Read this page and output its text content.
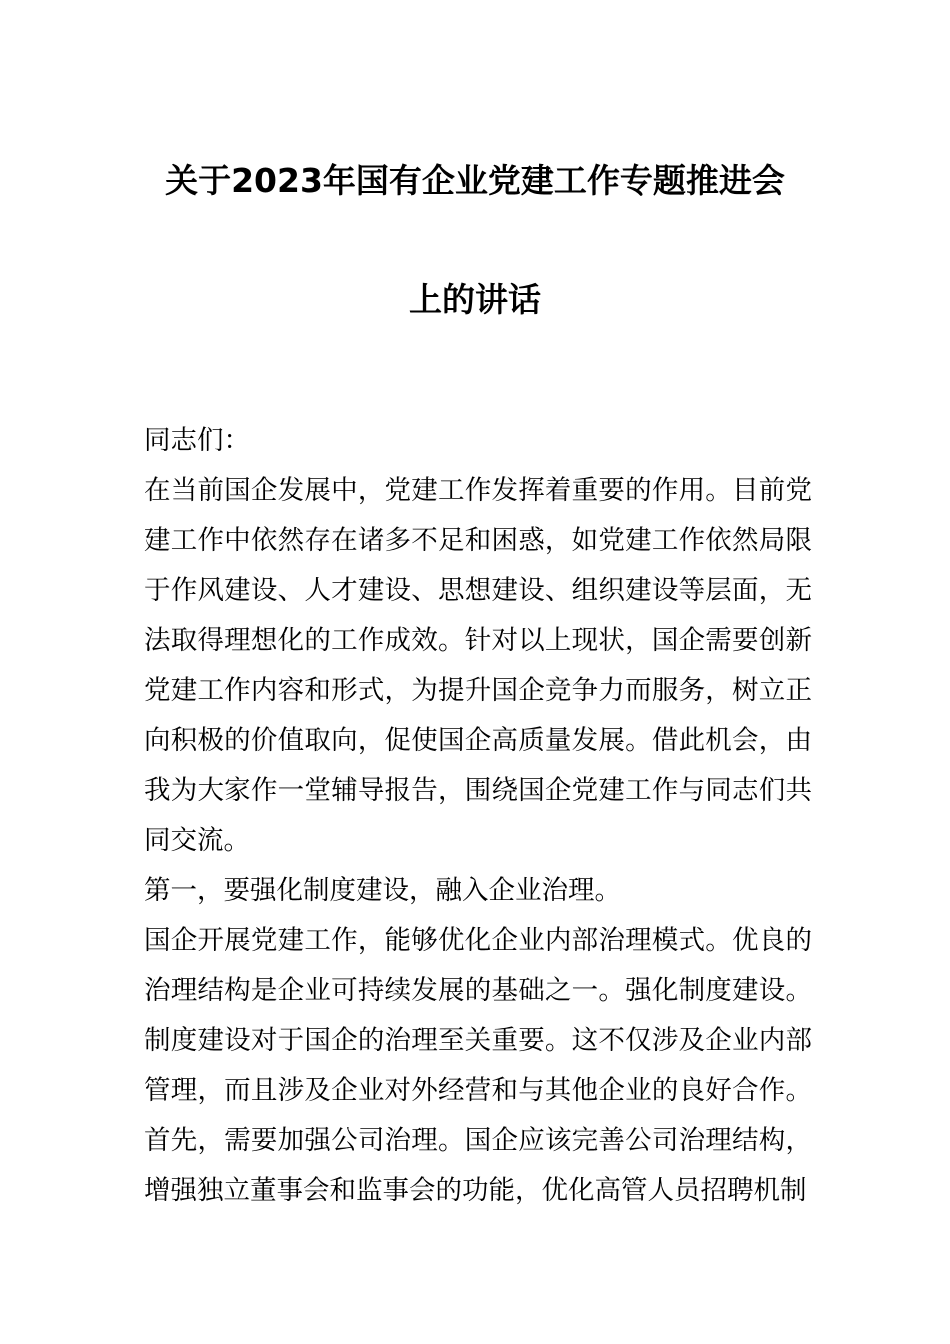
关于2023年国有企业党建工作专题推进会
上的讲话

同志们：

在当前国企发展中，党建工作发挥着重要的作用。目前党建工作中依然存在诸多不足和困惑，如党建工作依然局限于作风建设、人才建设、思想建设、组织建设等层面，无法取得理想化的工作成效。针对以上现状，国企需要创新党建工作内容和形式，为提升国企竞争力而服务，树立正向积极的价值取向，促使国企高质量发展。借此机会，由我为大家作一堂辅导报告，围绕国企党建工作与同志们共同交流。

第一，要强化制度建设，融入企业治理。

国企开展党建工作，能够优化企业内部治理模式。优良的治理结构是企业可持续发展的基础之一。强化制度建设。制度建设对于国企的治理至关重要。这不仅涉及企业内部管理，而且涉及企业对外经营和与其他企业的良好合作。首先，需要加强公司治理。国企应该完善公司治理结构，增强独立董事会和监事会的功能，优化高管人员招聘机制
